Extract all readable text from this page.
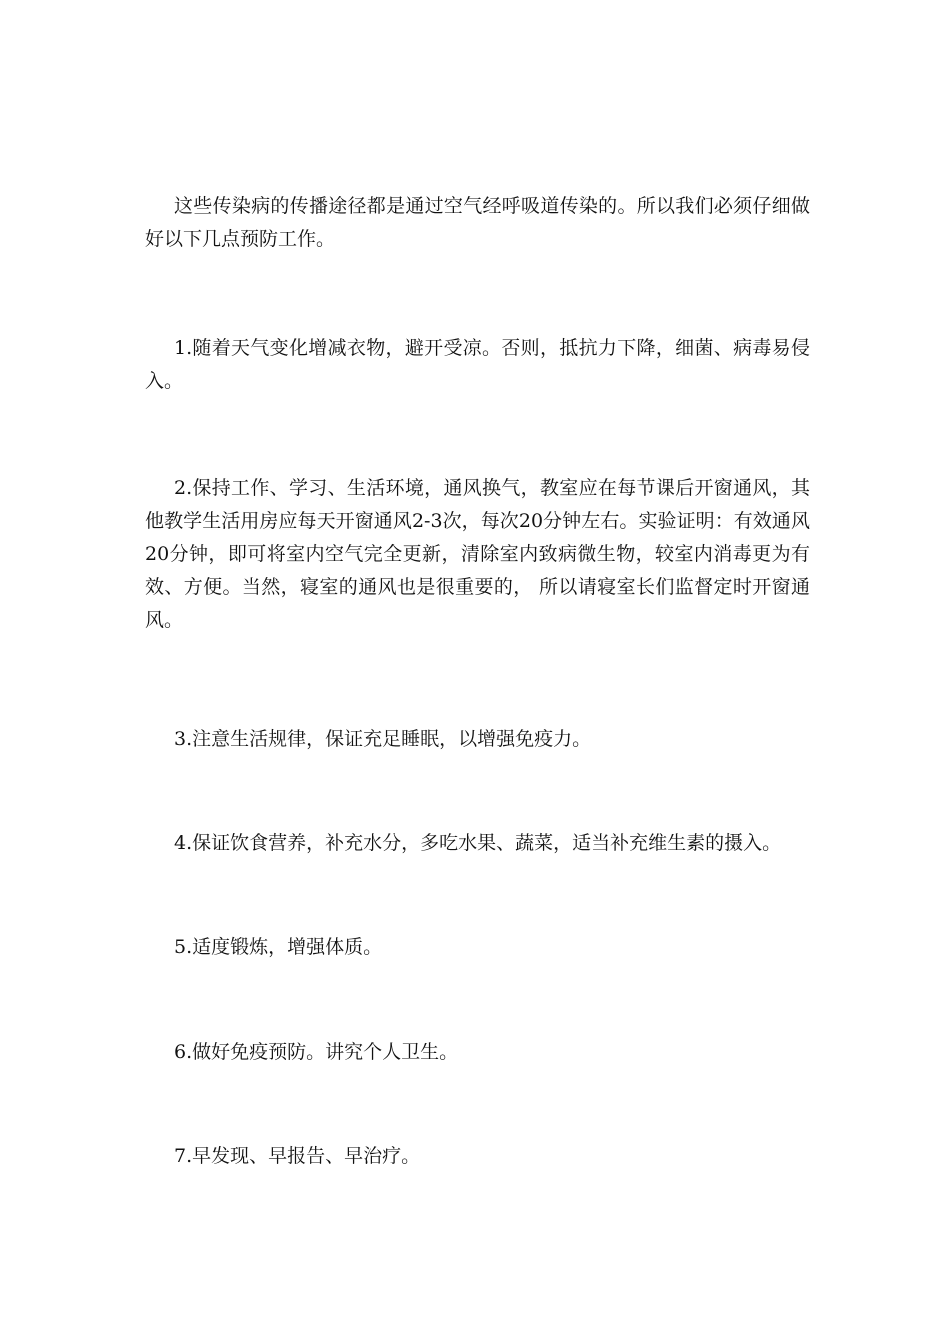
这些传染病的传播途径都是通过空气经呼吸道传染的。所以我们必须仔细做好以下几点预防工作。

1.随着天气变化增减衣物，避开受凉。否则，抵抗力下降，细菌、病毒易侵入。

2.保持工作、学习、生活环境，通风换气，教室应在每节课后开窗通风，其他教学生活用房应每天开窗通风2-3次，每次20分钟左右。实验证明：有效通风20分钟，即可将室内空气完全更新，清除室内致病微生物，较室内消毒更为有效、方便。当然，寝室的通风也是很重要的， 所以请寝室长们监督定时开窗通风。

3.注意生活规律，保证充足睡眠，以增强免疫力。

4.保证饮食营养，补充水分，多吃水果、蔬菜，适当补充维生素的摄入。

5.适度锻炼，增强体质。

6.做好免疫预防。讲究个人卫生。

7.早发现、早报告、早治疗。
